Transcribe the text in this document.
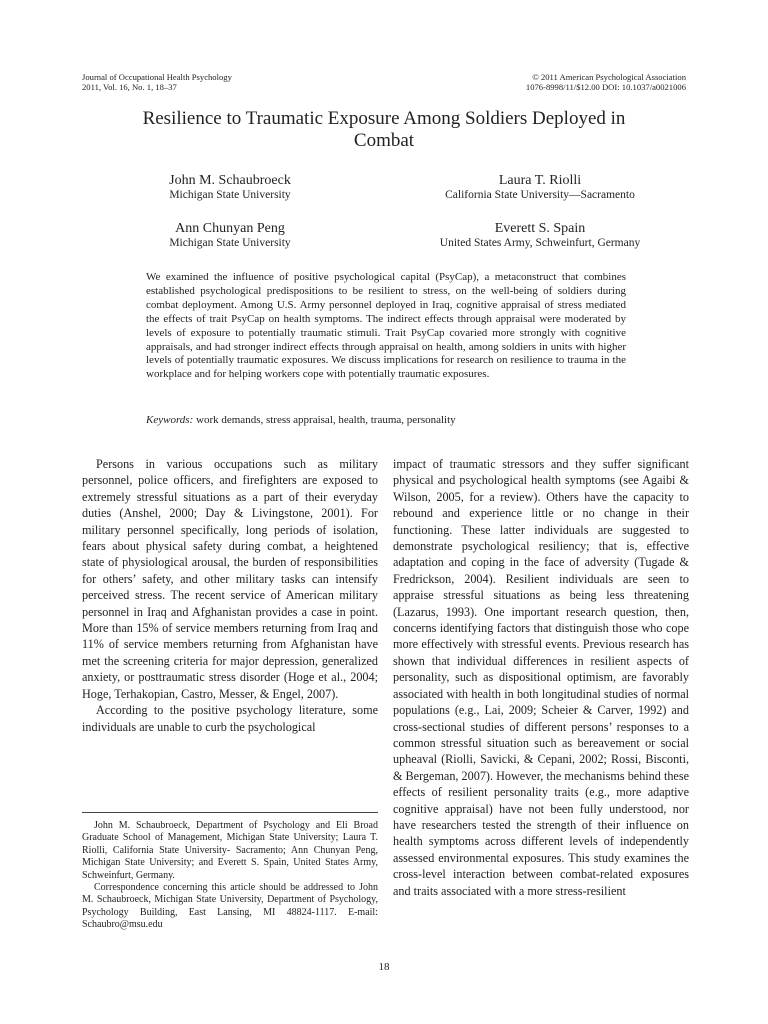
Journal of Occupational Health Psychology
2011, Vol. 16, No. 1, 18–37
© 2011 American Psychological Association
1076-8998/11/$12.00 DOI: 10.1037/a0021006
Resilience to Traumatic Exposure Among Soldiers Deployed in Combat
John M. Schaubroeck
Michigan State University
Laura T. Riolli
California State University—Sacramento
Ann Chunyan Peng
Michigan State University
Everett S. Spain
United States Army, Schweinfurt, Germany

We examined the influence of positive psychological capital (PsyCap), a metaconstruct that combines established psychological predispositions to be resilient to stress, on the well-being of soldiers during combat deployment. Among U.S. Army personnel deployed in Iraq, cognitive appraisal of stress mediated the effects of trait PsyCap on health symptoms. The indirect effects through appraisal were moderated by levels of exposure to potentially traumatic stimuli. Trait PsyCap covaried more strongly with cognitive appraisals, and had stronger indirect effects through appraisal on health, among soldiers in units with higher levels of potentially traumatic exposures. We discuss implications for research on resilience to trauma in the workplace and for helping workers cope with potentially traumatic exposures.

Keywords: work demands, stress appraisal, health, trauma, personality

Persons in various occupations such as military personnel, police officers, and firefighters are exposed to extremely stressful situations as a part of their everyday duties (Anshel, 2000; Day & Livingstone, 2001). For military personnel specifically, long periods of isolation, fears about physical safety during combat, a heightened state of physiological arousal, the burden of responsibilities for others’ safety, and other military tasks can intensify perceived stress. The recent service of American military personnel in Iraq and Afghanistan provides a case in point. More than 15% of service members returning from Iraq and 11% of service members returning from Afghanistan have met the screening criteria for major depression, generalized anxiety, or posttraumatic stress disorder (Hoge et al., 2004; Hoge, Terhakopian, Castro, Messer, & Engel, 2007).

According to the positive psychology literature, some individuals are unable to curb the psychological

impact of traumatic stressors and they suffer significant physical and psychological health symptoms (see Agaibi & Wilson, 2005, for a review). Others have the capacity to rebound and experience little or no change in their functioning. These latter individuals are suggested to demonstrate psychological resiliency; that is, effective adaptation and coping in the face of adversity (Tugade & Fredrickson, 2004). Resilient individuals are seen to appraise stressful situations as being less threatening (Lazarus, 1993). One important research question, then, concerns identifying factors that distinguish those who cope more effectively with stressful events. Previous research has shown that individual differences in resilient aspects of personality, such as dispositional optimism, are favorably associated with health in both longitudinal studies of normal populations (e.g., Lai, 2009; Scheier & Carver, 1992) and cross-sectional studies of different persons’ responses to a common stressful situation such as bereavement or social upheaval (Riolli, Savicki, & Cepani, 2002; Rossi, Bisconti, & Bergeman, 2007). However, the mechanisms behind these effects of resilient personality traits (e.g., more adaptive cognitive appraisal) have not been fully understood, nor have researchers tested the strength of their influence on health symptoms across different levels of independently assessed environmental exposures. This study examines the cross-level interaction between combat-related exposures and traits associated with a more stress-resilient

John M. Schaubroeck, Department of Psychology and Eli Broad Graduate School of Management, Michigan State University; Laura T. Riolli, California State University- Sacramento; Ann Chunyan Peng, Michigan State University; and Everett S. Spain, United States Army, Schweinfurt, Germany.

Correspondence concerning this article should be addressed to John M. Schaubroeck, Michigan State University, Department of Psychology, Psychology Building, East Lansing, MI 48824-1117. E-mail: Schaubro@msu.edu

18
